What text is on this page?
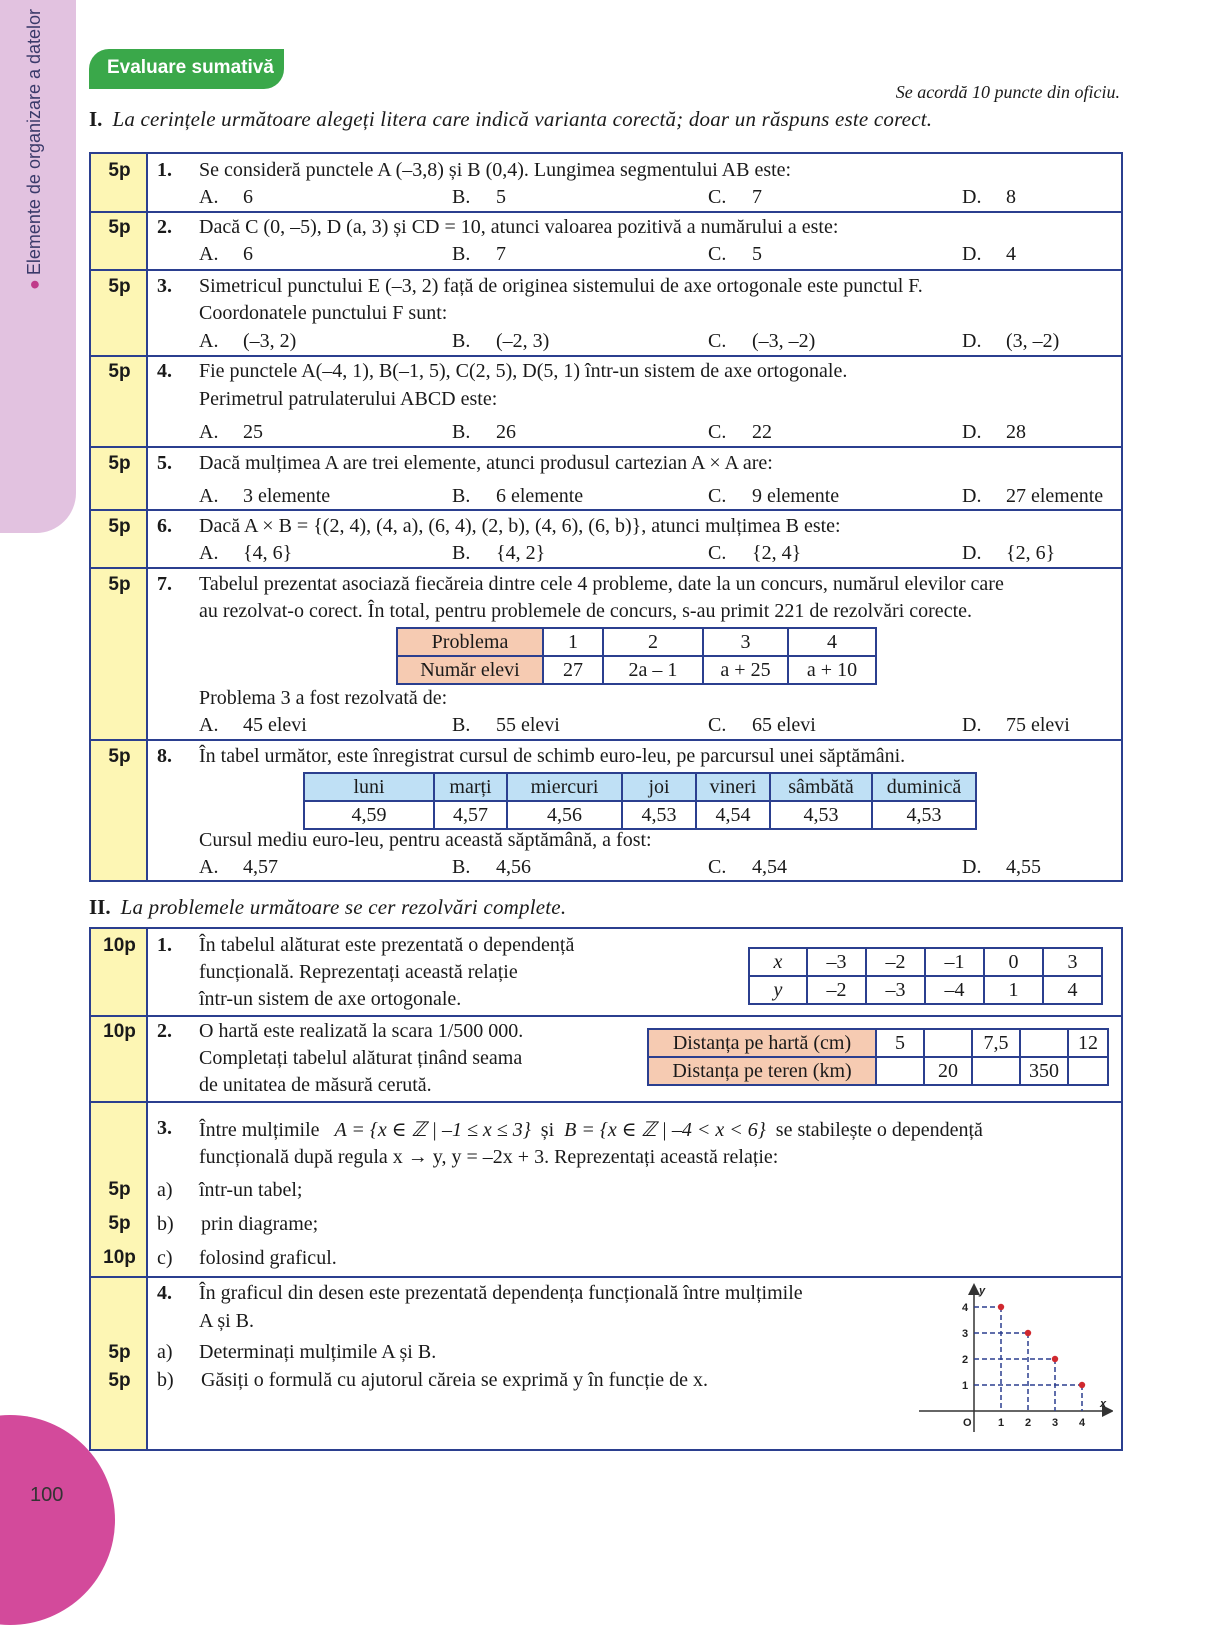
●Elemente de organizare a datelor
100
Evaluare sumativă
Se acordă 10 puncte din oficiu.
I. La cerințele următoare alegeți litera care indică varianta corectă; doar un răspuns este corect.
5p	1. Se consideră punctele A (–3,8) și B (0,4). Lungimea segmentului AB este:
A. 6	B. 5	C. 7	D. 8
5p	2. Dacă C (0, –5), D (a, 3) și CD = 10, atunci valoarea pozitivă a numărului a este:
A. 6	B. 7	C. 5	D. 4
5p	3. Simetricul punctului E (–3, 2) față de originea sistemului de axe ortogonale este punctul F.
Coordonatele punctului F sunt:
A. (–3, 2)	B. (–2, 3)	C. (–3, –2)	D. (3, –2)
5p	4. Fie punctele A(–4, 1), B(–1, 5), C(2, 5), D(5, 1) într-un sistem de axe ortogonale.
Perimetrul patrulaterului ABCD este:
A. 25	B. 26	C. 22	D. 28
5p	5. Dacă mulțimea A are trei elemente, atunci produsul cartezian A × A are:
A. 3 elemente	B. 6 elemente	C. 9 elemente	D. 27 elemente
5p	6. Dacă A × B = {(2, 4), (4, a), (6, 4), (2, b), (4, 6), (6, b)}, atunci mulțimea B este:
A. {4, 6}	B. {4, 2}	C. {2, 4}	D. {2, 6}
5p	7. Tabelul prezentat asociază fiecăreia dintre cele 4 probleme, date la un concurs, numărul elevilor care
au rezolvat-o corect. În total, pentru problemele de concurs, s-au primit 221 de rezolvări corecte.
Problema	1	2	3	4
Număr elevi	27	2a – 1	a + 25	a + 10
Problema 3 a fost rezolvată de:
A. 45 elevi	B. 55 elevi	C. 65 elevi	D. 75 elevi
5p	8. În tabel următor, este înregistrat cursul de schimb euro-leu, pe parcursul unei săptămâni.
luni	marți	miercuri	joi	vineri	sâmbătă	duminică
4,59	4,57	4,56	4,53	4,54	4,53	4,53
Cursul mediu euro-leu, pentru această săptămână, a fost:
A. 4,57	B. 4,56	C. 4,54	D. 4,55
II. La problemele următoare se cer rezolvări complete.
10p	1. În tabelul alăturat este prezentată o dependență
funcțională. Reprezentați această relație
într-un sistem de axe ortogonale.
x	–3	–2	–1	0	3
y	–2	–3	–4	1	4
10p	2. O hartă este realizată la scara 1/500 000.
Completați tabelul alăturat ținând seama
de unitatea de măsură cerută.
Distanța pe hartă (cm)	5		7,5		12
Distanța pe teren (km)		20		350	
3. Între mulțimile A = {x ∈ ℤ | –1 ≤ x ≤ 3} și B = {x ∈ ℤ | –4 < x < 6} se stabilește o dependență
funcțională după regula x → y, y = –2x + 3. Reprezentați această relație:
5p	a) într-un tabel;
5p	b) prin diagrame;
10p	c) folosind graficul.
4. În graficul din desen este prezentată dependența funcțională între mulțimile
A și B.
5p	a) Determinați mulțimile A și B.
5p	b) Găsiți o formulă cu ajutorul căreia se exprimă y în funcție de x.
1 2 3 4
1
2
3
4
O
y
x
